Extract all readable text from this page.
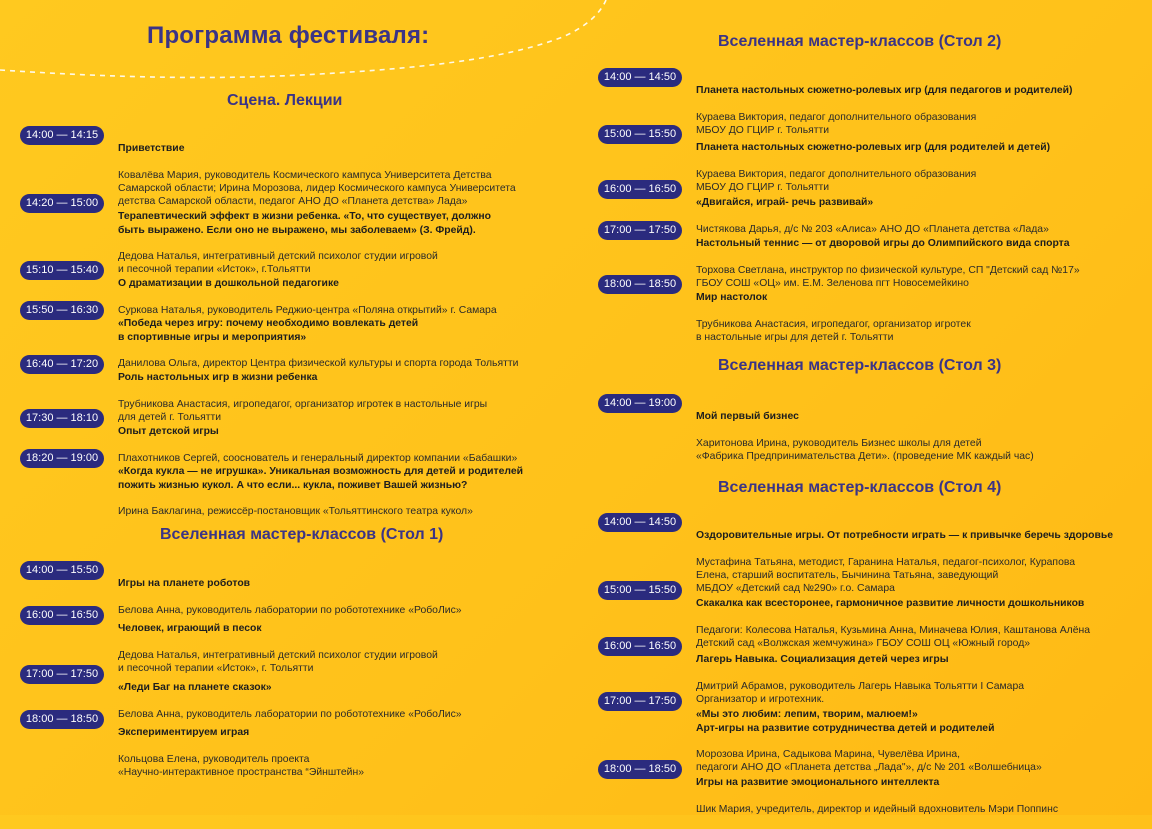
Программа фестиваля:
Сцена. Лекции
14:00 — 14:15

Приветствие

Ковалёва Мария, руководитель Космического кампуса Университета Детства
Самарской области; Ирина Морозова, лидер Космического кампуса Университета
детства Самарской области, педагог АНО ДО «Планета детства» Лада»

14:20 — 15:00

Терапевтический эффект в жизни ребенка. «То, что существует, должно
быть выражено. Если оно не выражено, мы заболеваем» (З. Фрейд).

Дедова Наталья, интегративный детский психолог студии игровой
и песочной терапии «Исток», г.Тольятти

15:10 — 15:40

О драматизации в дошкольной педагогике

Суркова Наталья, руководитель Реджио-центра «Поляна открытий» г. Самара

15:50 — 16:30

«Победа через игру: почему необходимо вовлекать детей
в спортивные игры и мероприятия»

Данилова Ольга, директор Центра физической культуры и спорта города Тольятти

16:40 — 17:20

Роль настольных игр в жизни ребенка

Трубникова Анастасия, игропедагог, организатор игротек в настольные игры
для детей г. Тольятти

17:30 — 18:10

Опыт детской игры

Плахотников Сергей, сооснователь и генеральный директор компании «Бабашки»

18:20 — 19:00

«Когда кукла — не игрушка». Уникальная возможность для детей и родителей
пожить жизнью кукол. А что если... кукла, поживет Вашей жизнью?

Ирина Баклагина, режиссёр-постановщик «Тольяттинского театра кукол»

Вселенная мастер-классов (Стол 1)
14:00 — 15:50

Игры на планете роботов

Белова Анна, руководитель лаборатории по робототехнике «РобоЛис»

16:00 — 16:50

Человек, играющий в песок

Дедова Наталья, интегративный детский психолог студии игровой
и песочной терапии «Исток», г. Тольятти

17:00 — 17:50

«Леди Баг на планете сказок»

Белова Анна, руководитель лаборатории по робототехнике «РобоЛис»

18:00 — 18:50

Экспериментируем играя

Кольцова Елена, руководитель проекта
«Научно-интерактивное пространства “Эйнштейн»

Вселенная мастер-классов (Стол 2)
14:00 — 14:50

Планета настольных сюжетно-ролевых игр (для педагогов и родителей)

Кураева Виктория, педагог дополнительного образования
МБОУ ДО ГЦИР г. Тольятти

15:00 — 15:50

Планета настольных сюжетно-ролевых игр (для родителей и детей)

Кураева Виктория, педагог дополнительного образования
МБОУ ДО ГЦИР г. Тольятти

16:00 — 16:50

«Двигайся, играй- речь развивай»

Чистякова Дарья, д/с № 203 «Алиса» АНО ДО «Планета детства «Лада»

17:00 — 17:50

Настольный теннис — от дворовой игры до Олимпийского вида спорта

Торхова Светлана, инструктор по физической культуре, СП "Детский сад №17»
ГБОУ СОШ «ОЦ» им. Е.М. Зеленова пгт Новосемейкино

18:00 — 18:50

Мир настолок

Трубникова Анастасия, игропедагог, организатор игротек
в настольные игры для детей г. Тольятти

Вселенная мастер-классов (Стол 3)
14:00 — 19:00

Мой первый бизнес

Харитонова Ирина, руководитель Бизнес школы для детей
«Фабрика Предпринимательства Дети». (проведение МК каждый час)

Вселенная мастер-классов (Стол 4)
14:00 — 14:50

Оздоровительные игры. От потребности играть — к привычке беречь здоровье

Мустафина Татьяна, методист, Гаранина Наталья, педагог-психолог, Курапова
Елена, старший воспитатель, Бычинина Татьяна, заведующий
МБДОУ «Детский сад №290» г.о. Самара

15:00 — 15:50

Скакалка как всесторонее, гармоничное развитие личности дошкольников

Педагоги: Колесова Наталья, Кузьмина Анна, Миначева Юлия, Каштанова Алёна
Детский сад «Волжская жемчужина» ГБОУ СОШ ОЦ «Южный город»

16:00 — 16:50

Лагерь Навыка. Социализация детей через игры

Дмитрий Абрамов, руководитель Лагерь Навыка Тольятти I Самара
Организатор и игротехник.

17:00 — 17:50

«Мы это любим: лепим, творим, малюем!»
Арт-игры на развитие сотрудничества детей и родителей

Морозова Ирина, Садыкова Марина, Чувелёва Ирина,
педагоги АНО ДО «Планета детства „Лада"», д/с № 201 «Волшебница»

18:00 — 18:50

Игры на развитие эмоционального интеллекта

Шик Мария, учредитель, директор и идейный вдохновитель Мэри Поппинс
